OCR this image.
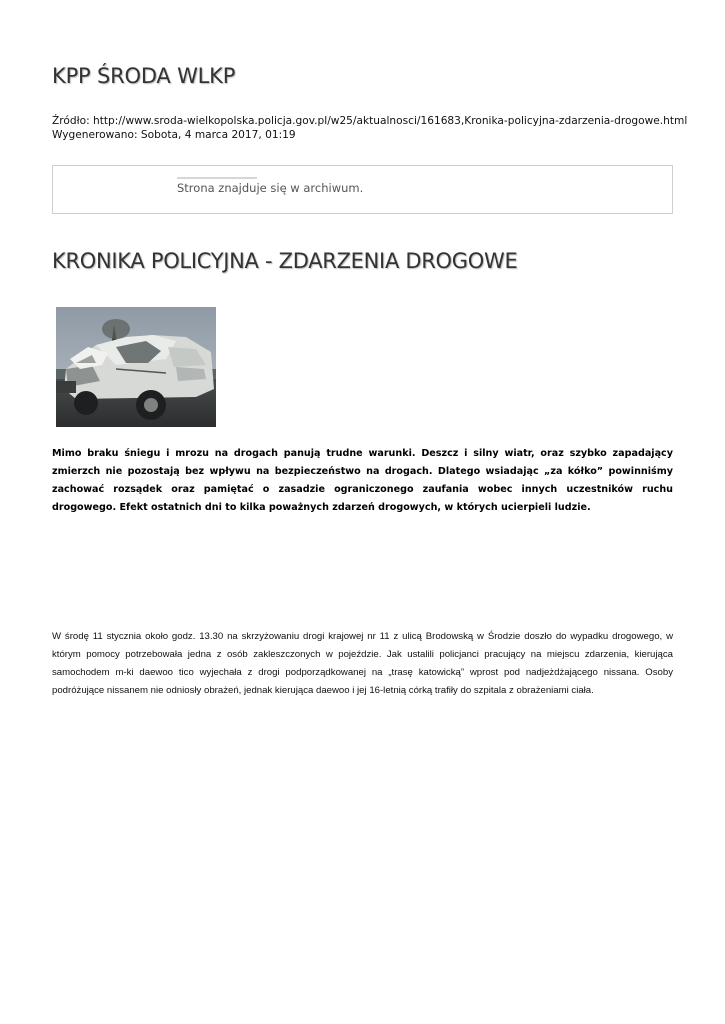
KPP ŚRODA WLKP
Źródło: http://www.sroda-wielkopolska.policja.gov.pl/w25/aktualnosci/161683,Kronika-policyjna-zdarzenia-drogowe.html
Wygenerowano: Sobota, 4 marca 2017, 01:19
Strona znajduje się w archiwum.
KRONIKA POLICYJNA - ZDARZENIA DROGOWE

Mimo braku śniegu i mrozu na drogach panują trudne warunki. Deszcz i silny wiatr, oraz szybko zapadający zmierzch nie pozostają bez wpływu na bezpieczeństwo na drogach. Dlatego wsiadając „za kółko” powinniśmy zachować rozsądek oraz pamiętać o zasadzie ograniczonego zaufania wobec innych uczestników ruchu drogowego. Efekt ostatnich dni to kilka poważnych zdarzeń drogowych, w których ucierpieli ludzie.

W środę 11 stycznia około godz. 13.30 na skrzyżowaniu drogi krajowej nr 11 z ulicą Brodowską w Środzie doszło do wypadku drogowego, w którym pomocy potrzebowała jedna z osób zakleszczonych w pojeździe. Jak ustalili policjanci pracujący na miejscu zdarzenia, kierująca samochodem m-ki daewoo tico wyjechała z drogi podporządkowanej na „trasę katowicką” wprost pod nadjeżdżającego nissana. Osoby podróżujące nissanem nie odniosły obrażeń, jednak kierująca daewoo i jej 16-letnią córką trafiły do szpitala z obrażeniami ciała.
